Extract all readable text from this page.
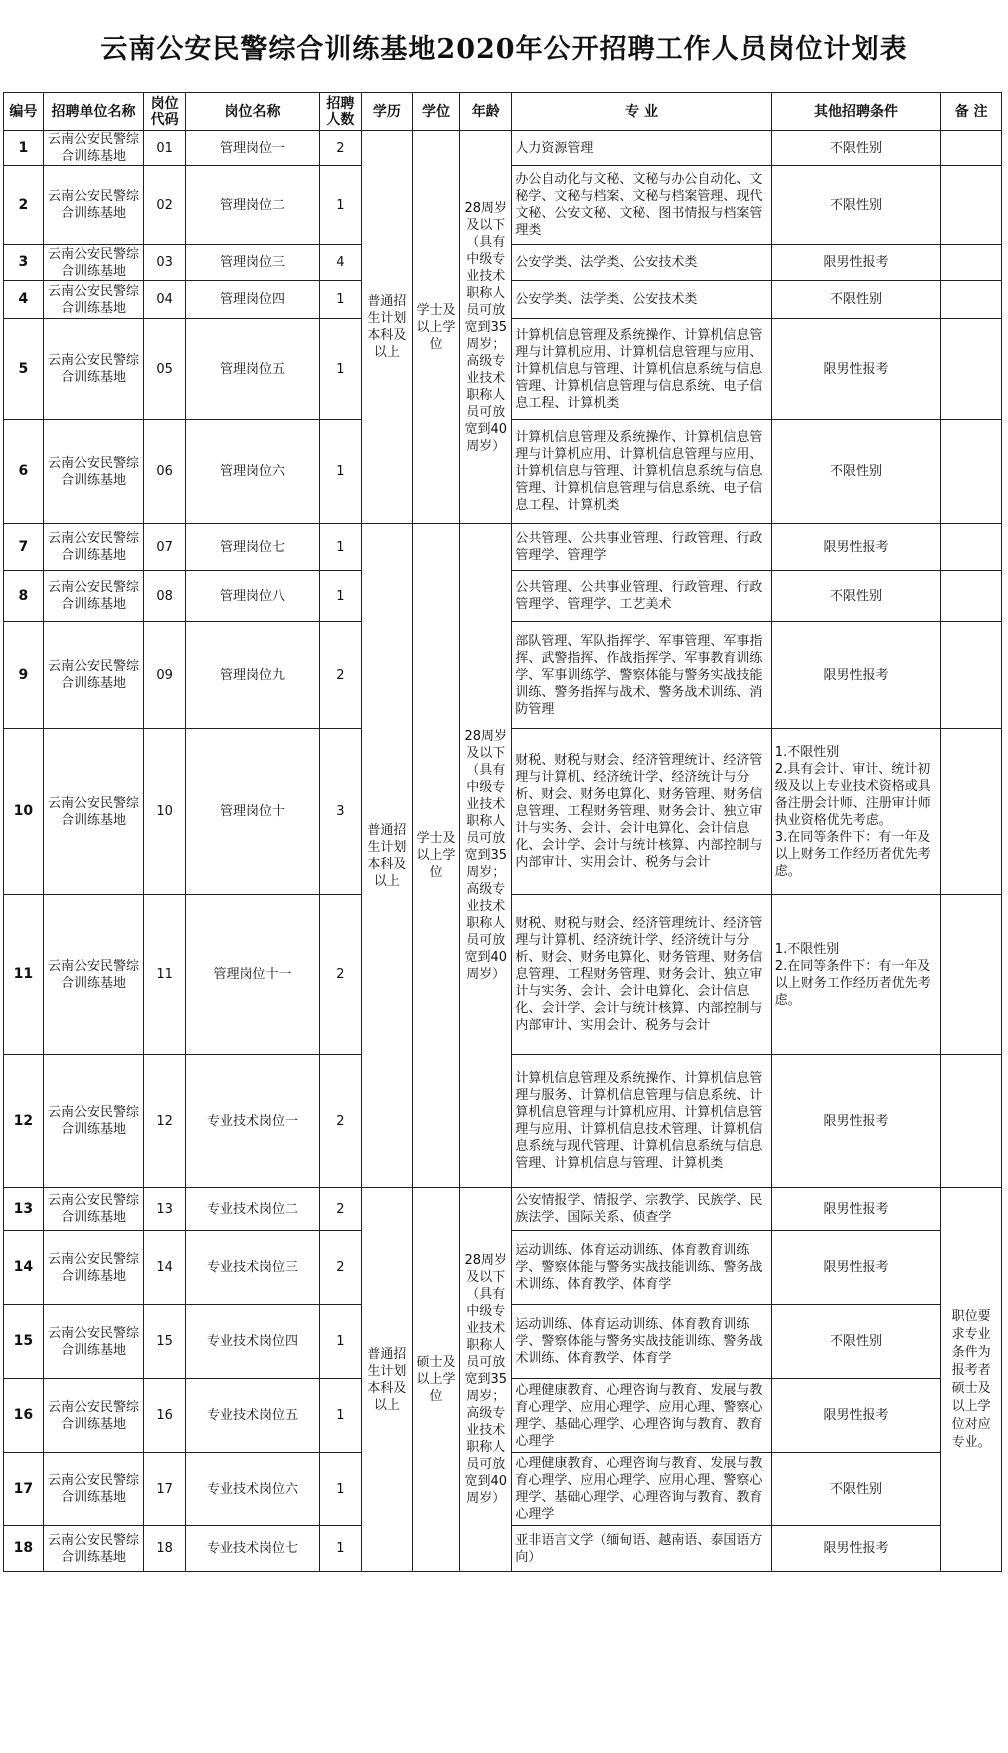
云南公安民警综合训练基地2020年公开招聘工作人员岗位计划表
编号	招聘单位名称	岗位代码	岗位名称	招聘人数	学历	学位	年龄	专 业	其他招聘条件	备 注
1	云南公安民警综合训练基地	01	管理岗位一	2	普通招生计划本科及以上	学士及以上学位	28周岁及以下（具有中级专业技术职称人员可放宽到35周岁；高级专业技术职称人员可放宽到40周岁）	人力资源管理	不限性别	
2	云南公安民警综合训练基地	02	管理岗位二	1				办公自动化与文秘、文秘与办公自动化、文秘学、文秘与档案、文秘与档案管理、现代文秘、公安文秘、文秘、图书情报与档案管理类	不限性别	
3	云南公安民警综合训练基地	03	管理岗位三	4				公安学类、法学类、公安技术类	限男性报考	
4	云南公安民警综合训练基地	04	管理岗位四	1				公安学类、法学类、公安技术类	不限性别	
5	云南公安民警综合训练基地	05	管理岗位五	1				计算机信息管理及系统操作、计算机信息管理与计算机应用、计算机信息管理与应用、计算机信息与管理、计算机信息系统与信息管理、计算机信息管理与信息系统、电子信息工程、计算机类	限男性报考	
6	云南公安民警综合训练基地	06	管理岗位六	1				计算机信息管理及系统操作、计算机信息管理与计算机应用、计算机信息管理与应用、计算机信息与管理、计算机信息系统与信息管理、计算机信息管理与信息系统、电子信息工程、计算机类	不限性别	
7	云南公安民警综合训练基地	07	管理岗位七	1	普通招生计划本科及以上	学士及以上学位	28周岁及以下（具有中级专业技术职称人员可放宽到35周岁；高级专业技术职称人员可放宽到40周岁）	公共管理、公共事业管理、行政管理、行政管理学、管理学	限男性报考	
8	云南公安民警综合训练基地	08	管理岗位八	1				公共管理、公共事业管理、行政管理、行政管理学、管理学、工艺美术	不限性别	
9	云南公安民警综合训练基地	09	管理岗位九	2				部队管理、军队指挥学、军事管理、军事指挥、武警指挥、作战指挥学、军事教育训练学、军事训练学、警察体能与警务实战技能训练、警务指挥与战术、警务战术训练、消防管理	限男性报考	
10	云南公安民警综合训练基地	10	管理岗位十	3				财税、财税与财会、经济管理统计、经济管理与计算机、经济统计学、经济统计与分析、财会、财务电算化、财务管理、财务信息管理、工程财务管理、财务会计、独立审计与实务、会计、会计电算化、会计信息化、会计学、会计与统计核算、内部控制与内部审计、实用会计、税务与会计	1.不限性别
2.具有会计、审计、统计初级及以上专业技术资格或具备注册会计师、注册审计师执业资格优先考虑。
3.在同等条件下：有一年及以上财务工作经历者优先考虑。	

11	云南公安民警综合训练基地	11	管理岗位十一	2				财税、财税与财会、经济管理统计、经济管理与计算机、经济统计学、经济统计与分析、财会、财务电算化、财务管理、财务信息管理、工程财务管理、财务会计、独立审计与实务、会计、会计电算化、会计信息化、会计学、会计与统计核算、内部控制与内部审计、实用会计、税务与会计	1.不限性别
2.在同等条件下：有一年及以上财务工作经历者优先考虑。	

12	云南公安民警综合训练基地	12	专业技术岗位一	2				计算机信息管理及系统操作、计算机信息管理与服务、计算机信息管理与信息系统、计算机信息管理与计算机应用、计算机信息管理与应用、计算机信息技术管理、计算机信息系统与现代管理、计算机信息系统与信息管理、计算机信息与管理、计算机类	限男性报考	
13	云南公安民警综合训练基地	13	专业技术岗位二	2	普通招生计划本科及以上	硕士及以上学位	28周岁及以下（具有中级专业技术职称人员可放宽到35周岁；高级专业技术职称人员可放宽到40周岁）	公安情报学、情报学、宗教学、民族学、民族法学、国际关系、侦查学	限男性报考	职位要求专业条件为报考者硕士及以上学位对应专业。
14	云南公安民警综合训练基地	14	专业技术岗位三	2				运动训练、体育运动训练、体育教育训练学、警察体能与警务实战技能训练、警务战术训练、体育教学、体育学	限男性报考	
15	云南公安民警综合训练基地	15	专业技术岗位四	1				运动训练、体育运动训练、体育教育训练学、警察体能与警务实战技能训练、警务战术训练、体育教学、体育学	不限性别	
16	云南公安民警综合训练基地	16	专业技术岗位五	1				心理健康教育、心理咨询与教育、发展与教育心理学、应用心理学、应用心理、警察心理学、基础心理学、心理咨询与教育、教育心理学	限男性报考	
17	云南公安民警综合训练基地	17	专业技术岗位六	1				心理健康教育、心理咨询与教育、发展与教育心理学、应用心理学、应用心理、警察心理学、基础心理学、心理咨询与教育、教育心理学	不限性别	
18	云南公安民警综合训练基地	18	专业技术岗位七	1				亚非语言文学（缅甸语、越南语、泰国语方向）	限男性报考	
